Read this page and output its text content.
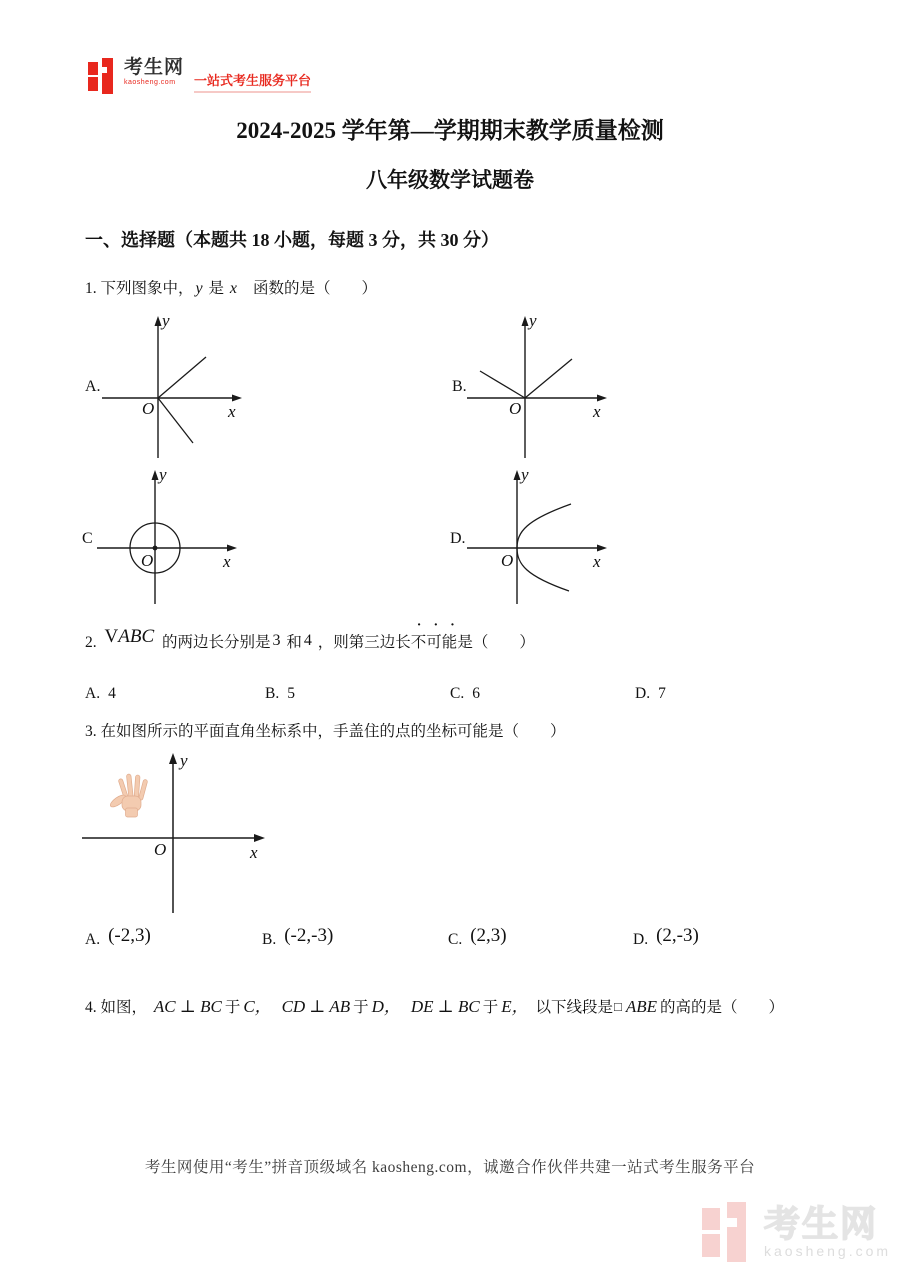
考生网
kaosheng.com	一站式考生服务平台
2024-2025 学年第—学期期末教学质量检测
八年级数学试题卷
一、选择题（本题共 18 小题，每题 3 分，共 30 分）
1. 下列图象中， y 是 x 函数的是（　　）
A.	B.
C	D.
y
x
O
y
x
O
y
x
O
y
x
O
2. VABC 的两边长分别是 3 和 4 ，则第三边长
···
不可能是（　　）
A. 4	B. 5	C. 6	D. 7
3. 在如图所示的平面直角坐标系中，手盖住的点的坐标可能是（　　）
y
x
O
A. (-2,3)	B. (-2,-3)	C. (2,3)	D. (2,-3)
4. 如图， AC ⊥ BC 于 C， CD ⊥ AB 于 D， DE ⊥ BC 于 E， 以下线段是□ ABE 的高的是（　　）
考生网使用“考生”拼音顶级域名 kaosheng.com，诚邀合作伙伴共建一站式考生服务平台
考生网
kaosheng.com
